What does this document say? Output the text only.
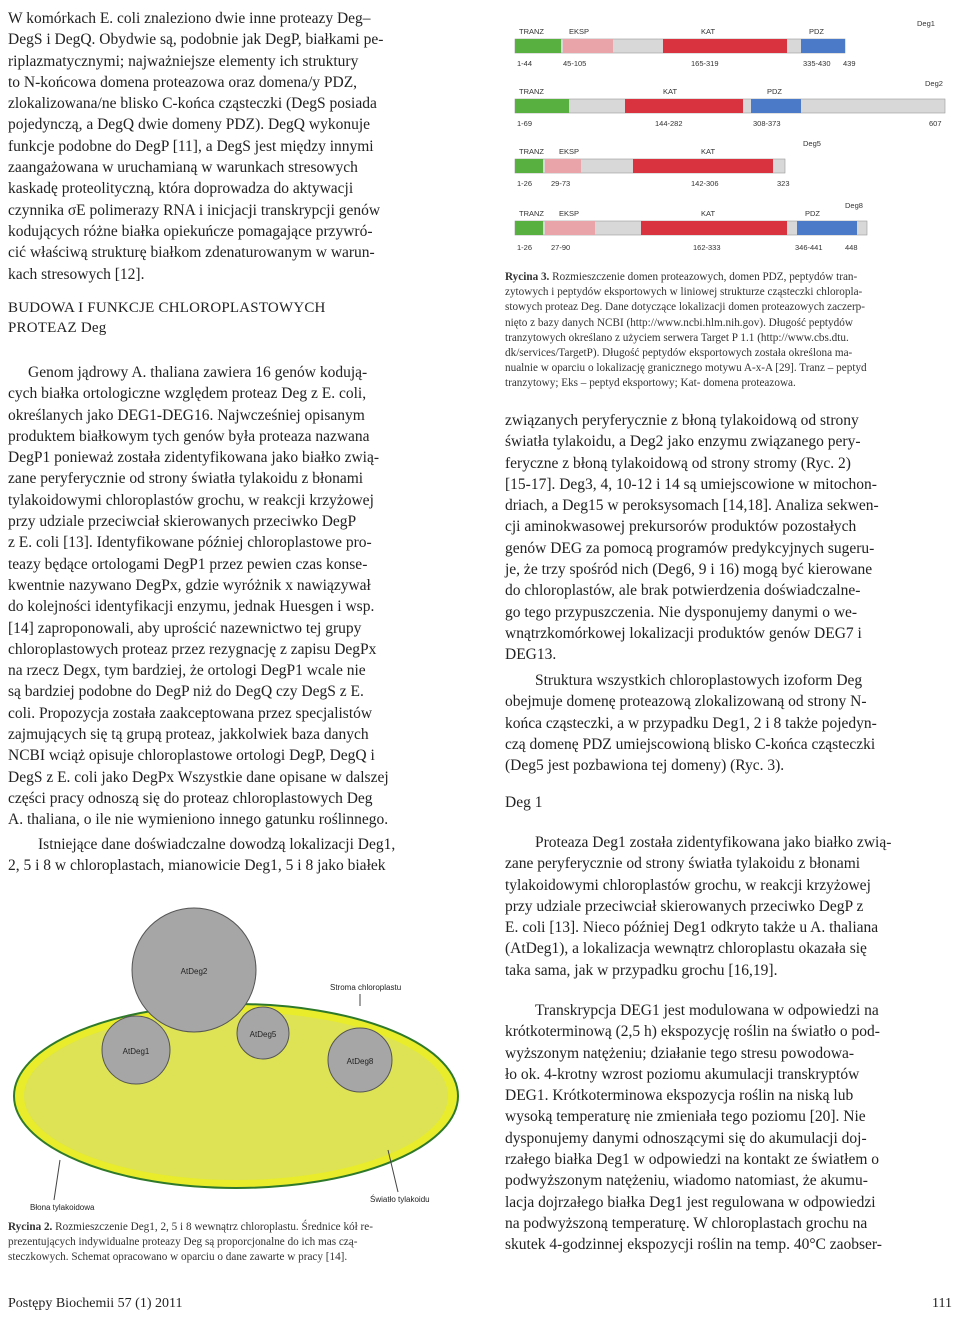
W komórkach E. coli znaleziono dwie inne proteazy Deg–
DegS i DegQ. Obydwie są, podobnie jak DegP, białkami pe-
riplazmatycznymi; najważniejsze elementy ich struktury
to N-końcowa domena proteazowa oraz domena/y PDZ,
zlokalizowana/ne blisko C-końca cząsteczki (DegS posiada
pojedynczą, a DegQ dwie domeny PDZ). DegQ wykonuje
funkcje podobne do DegP [11], a DegS jest między innymi
zaangażowana w uruchamianą w warunkach stresowych
kaskadę proteolityczną, która doprowadza do aktywacji
czynnika σE polimerazy RNA i inicjacji transkrypcji genów
kodujących różne białka opiekuńcze pomagające przywró-
cić właściwą strukturę białkom zdenaturowanym w warun-
kach stresowych [12].
BUDOWA I FUNKCJE CHLOROPLASTOWYCH
PROTEAZ Deg
Genom jądrowy A. thaliana zawiera 16 genów kodują-
cych białka ortologiczne względem proteaz Deg z E. coli,
określanych jako DEG1-DEG16. Najwcześniej opisanym
produktem białkowym tych genów była proteaza nazwana
DegP1 ponieważ została zidentyfikowana jako białko zwią-
zane peryferycznie od strony światła tylakoidu z błonami
tylakoidowymi chloroplastów grochu, w reakcji krzyżowej
przy udziale przeciwciał skierowanych przeciwko DegP
z E. coli [13]. Identyfikowane później chloroplastowe pro-
teazy będące ortologami DegP1 przez pewien czas konse-
kwentnie nazywano DegPx, gdzie wyróżnik x nawiązywał
do kolejności identyfikacji enzymu, jednak Huesgen i wsp.
[14] zaproponowali, aby uprościć nazewnictwo tej grupy
chloroplastowych proteaz przez rezygnację z zapisu DegPx
na rzecz Degx, tym bardziej, że ortologi DegP1 wcale nie
są bardziej podobne do DegP niż do DegQ czy DegS z E.
coli. Propozycja została zaakceptowana przez specjalistów
zajmujących się tą grupą proteaz, jakkolwiek baza danych
NCBI wciąż opisuje chloroplastowe ortologi DegP, DegQ i
DegS z E. coli jako DegPx Wszystkie dane opisane w dalszej
części pracy odnoszą się do proteaz chloroplastowych Deg
A. thaliana, o ile nie wymieniono innego gatunku roślinnego.
Istniejące dane doświadczalne dowodzą lokalizacji Deg1,
2, 5 i 8 w chloroplastach, mianowicie Deg1, 5 i 8 jako białek
AtDeg2
AtDeg1
AtDeg5
AtDeg8
Stroma chloroplastu
Błona tylakoidowa
Światło tylakoidu
Rycina 2. Rozmieszczenie Deg1, 2, 5 i 8 wewnątrz chloroplastu. Średnice kół re-
prezentujących indywidualne proteazy Deg są proporcjonalne do ich mas czą-
steczkowych. Schemat opracowano w oparciu o dane zawarte w pracy [14].
Deg1
TRANZ	EKSP	KAT	PDZ
1-44	45-105	165-319	335-430 439
Deg2
TRANZ	KAT	PDZ
1-69	144-282	308-373	607
Deg5
TRANZ EKSP	KAT
1-26	29-73	142-306	323
Deg8
TRANZ EKSP	KAT	PDZ
1-26	27-90	162-333	346-441	448
Rycina 3. Rozmieszczenie domen proteazowych, domen PDZ, peptydów tran-
zytowych i peptydów eksportowych w liniowej strukturze cząsteczki chloropla-
stowych proteaz Deg. Dane dotyczące lokalizacji domen proteazowych zaczerp-
nięto z bazy danych NCBI (http://www.ncbi.hlm.nih.gov). Długość peptydów
tranzytowych określano z użyciem serwera Target P 1.1 (http://www.cbs.dtu.
dk/services/TargetP). Długość peptydów eksportowych została określona ma-
nualnie w oparciu o lokalizację granicznego motywu A-x-A [29]. Tranz – peptyd
tranzytowy; Eks – peptyd eksportowy; Kat- domena proteazowa.
związanych peryferycznie z błoną tylakoidową od strony
światła tylakoidu, a Deg2 jako enzymu związanego pery-
feryczne z błoną tylakoidową od strony stromy (Ryc. 2)
[15-17]. Deg3, 4, 10-12 i 14 są umiejscowione w mitochon-
driach, a Deg15 w peroksysomach [14,18]. Analiza sekwen-
cji aminokwasowej prekursorów produktów pozostałych
genów DEG za pomocą programów predykcyjnych sugeru-
je, że trzy spośród nich (Deg6, 9 i 16) mogą być kierowane
do chloroplastów, ale brak potwierdzenia doświadczalne-
go tego przypuszczenia. Nie dysponujemy danymi o we-
wnątrzkomórkowej lokalizacji produktów genów DEG7 i
DEG13.
Struktura wszystkich chloroplastowych izoform Deg
obejmuje domenę proteazową zlokalizowaną od strony N-
końca cząsteczki, a w przypadku Deg1, 2 i 8 także pojedyn-
czą domenę PDZ umiejscowioną blisko C-końca cząsteczki
(Deg5 jest pozbawiona tej domeny) (Ryc. 3).
Deg 1
Proteaza Deg1 została zidentyfikowana jako białko zwią-
zane peryferycznie od strony światła tylakoidu z błonami
tylakoidowymi chloroplastów grochu, w reakcji krzyżowej
przy udziale przeciwciał skierowanych przeciwko DegP z
E. coli [13]. Nieco później Deg1 odkryto także u A. thaliana
(AtDeg1), a lokalizacja wewnątrz chloroplastu okazała się
taka sama, jak w przypadku grochu [16,19].
Transkrypcja DEG1 jest modulowana w odpowiedzi na
krótkoterminową (2,5 h) ekspozycję roślin na światło o pod-
wyższonym natężeniu; działanie tego stresu powodowa-
ło ok. 4-krotny wzrost poziomu akumulacji transkryptów
DEG1. Krótkoterminowa ekspozycja roślin na niską lub
wysoką temperaturę nie zmieniała tego poziomu [20]. Nie
dysponujemy danymi odnoszącymi się do akumulacji doj-
rzałego białka Deg1 w odpowiedzi na kontakt ze światłem o
podwyższonym natężeniu, wiadomo natomiast, że akumu-
lacja dojrzałego białka Deg1 jest regulowana w odpowiedzi
na podwyższoną temperaturę. W chloroplastach grochu na
skutek 4-godzinnej ekspozycji roślin na temp. 40°C zaobser-
Postępy Biochemii 57 (1) 2011	111
